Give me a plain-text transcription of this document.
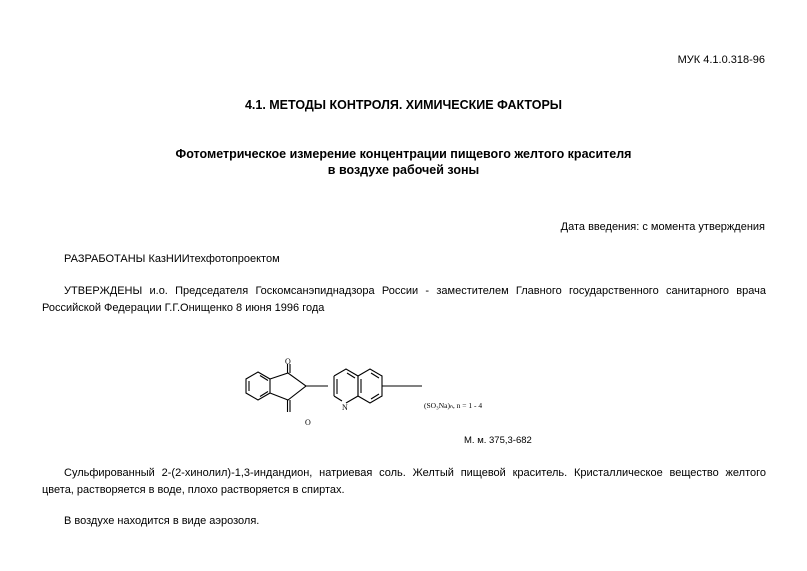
МУК 4.1.0.318-96
4.1. МЕТОДЫ КОНТРОЛЯ. ХИМИЧЕСКИЕ ФАКТОРЫ
Фотометрическое измерение концентрации пищевого желтого красителя
в воздухе рабочей зоны
Дата введения: с момента утверждения
РАЗРАБОТАНЫ КазНИИтехфотопроектом
УТВЕРЖДЕНЫ и.о. Председателя Госкомсанэпиднадзора России - заместителем Главного государственного санитарного врача Российской Федерации Г.Г.Онищенко 8 июня 1996 года
O
O
N	(SO₃Na)ₙ, n = 1 - 4
М. м. 375,3-682
Сульфированный 2-(2-хинолил)-1,3-индандион, натриевая соль. Желтый пищевой краситель. Кристаллическое вещество желтого цвета, растворяется в воде, плохо растворяется в спиртах.
В воздухе находится в виде аэрозоля.
